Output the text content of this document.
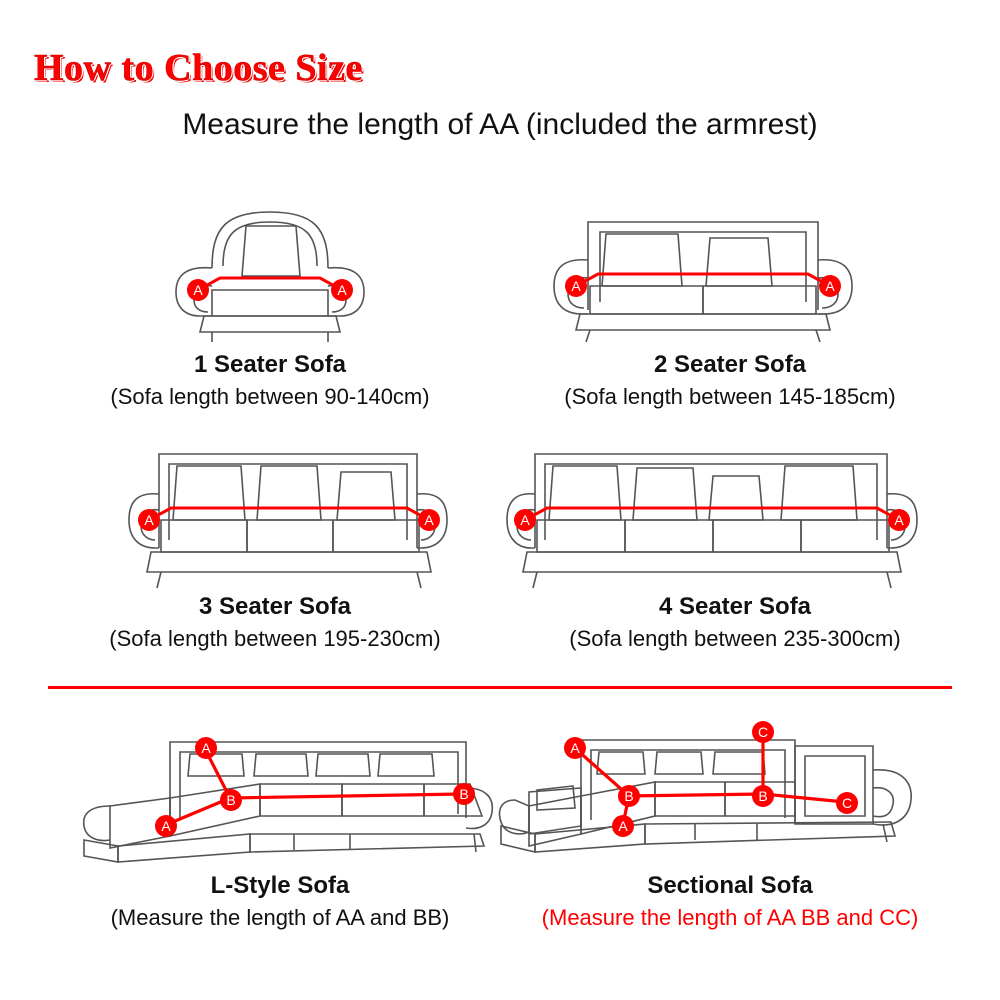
How to Choose Size
Measure the length of AA (included the armrest)
A	A
1 Seater Sofa
(Sofa length between 90-140cm)
A	A
2 Seater Sofa
(Sofa length between 145-185cm)
A	A
3 Seater Sofa
(Sofa length between 195-230cm)
A	A
4 Seater Sofa
(Sofa length between 235-300cm)
A
B	B
A
L-Style Sofa
(Measure the length of AA and BB)
A
B
A
C
B	C
Sectional Sofa
(Measure the length of AA BB and CC)
